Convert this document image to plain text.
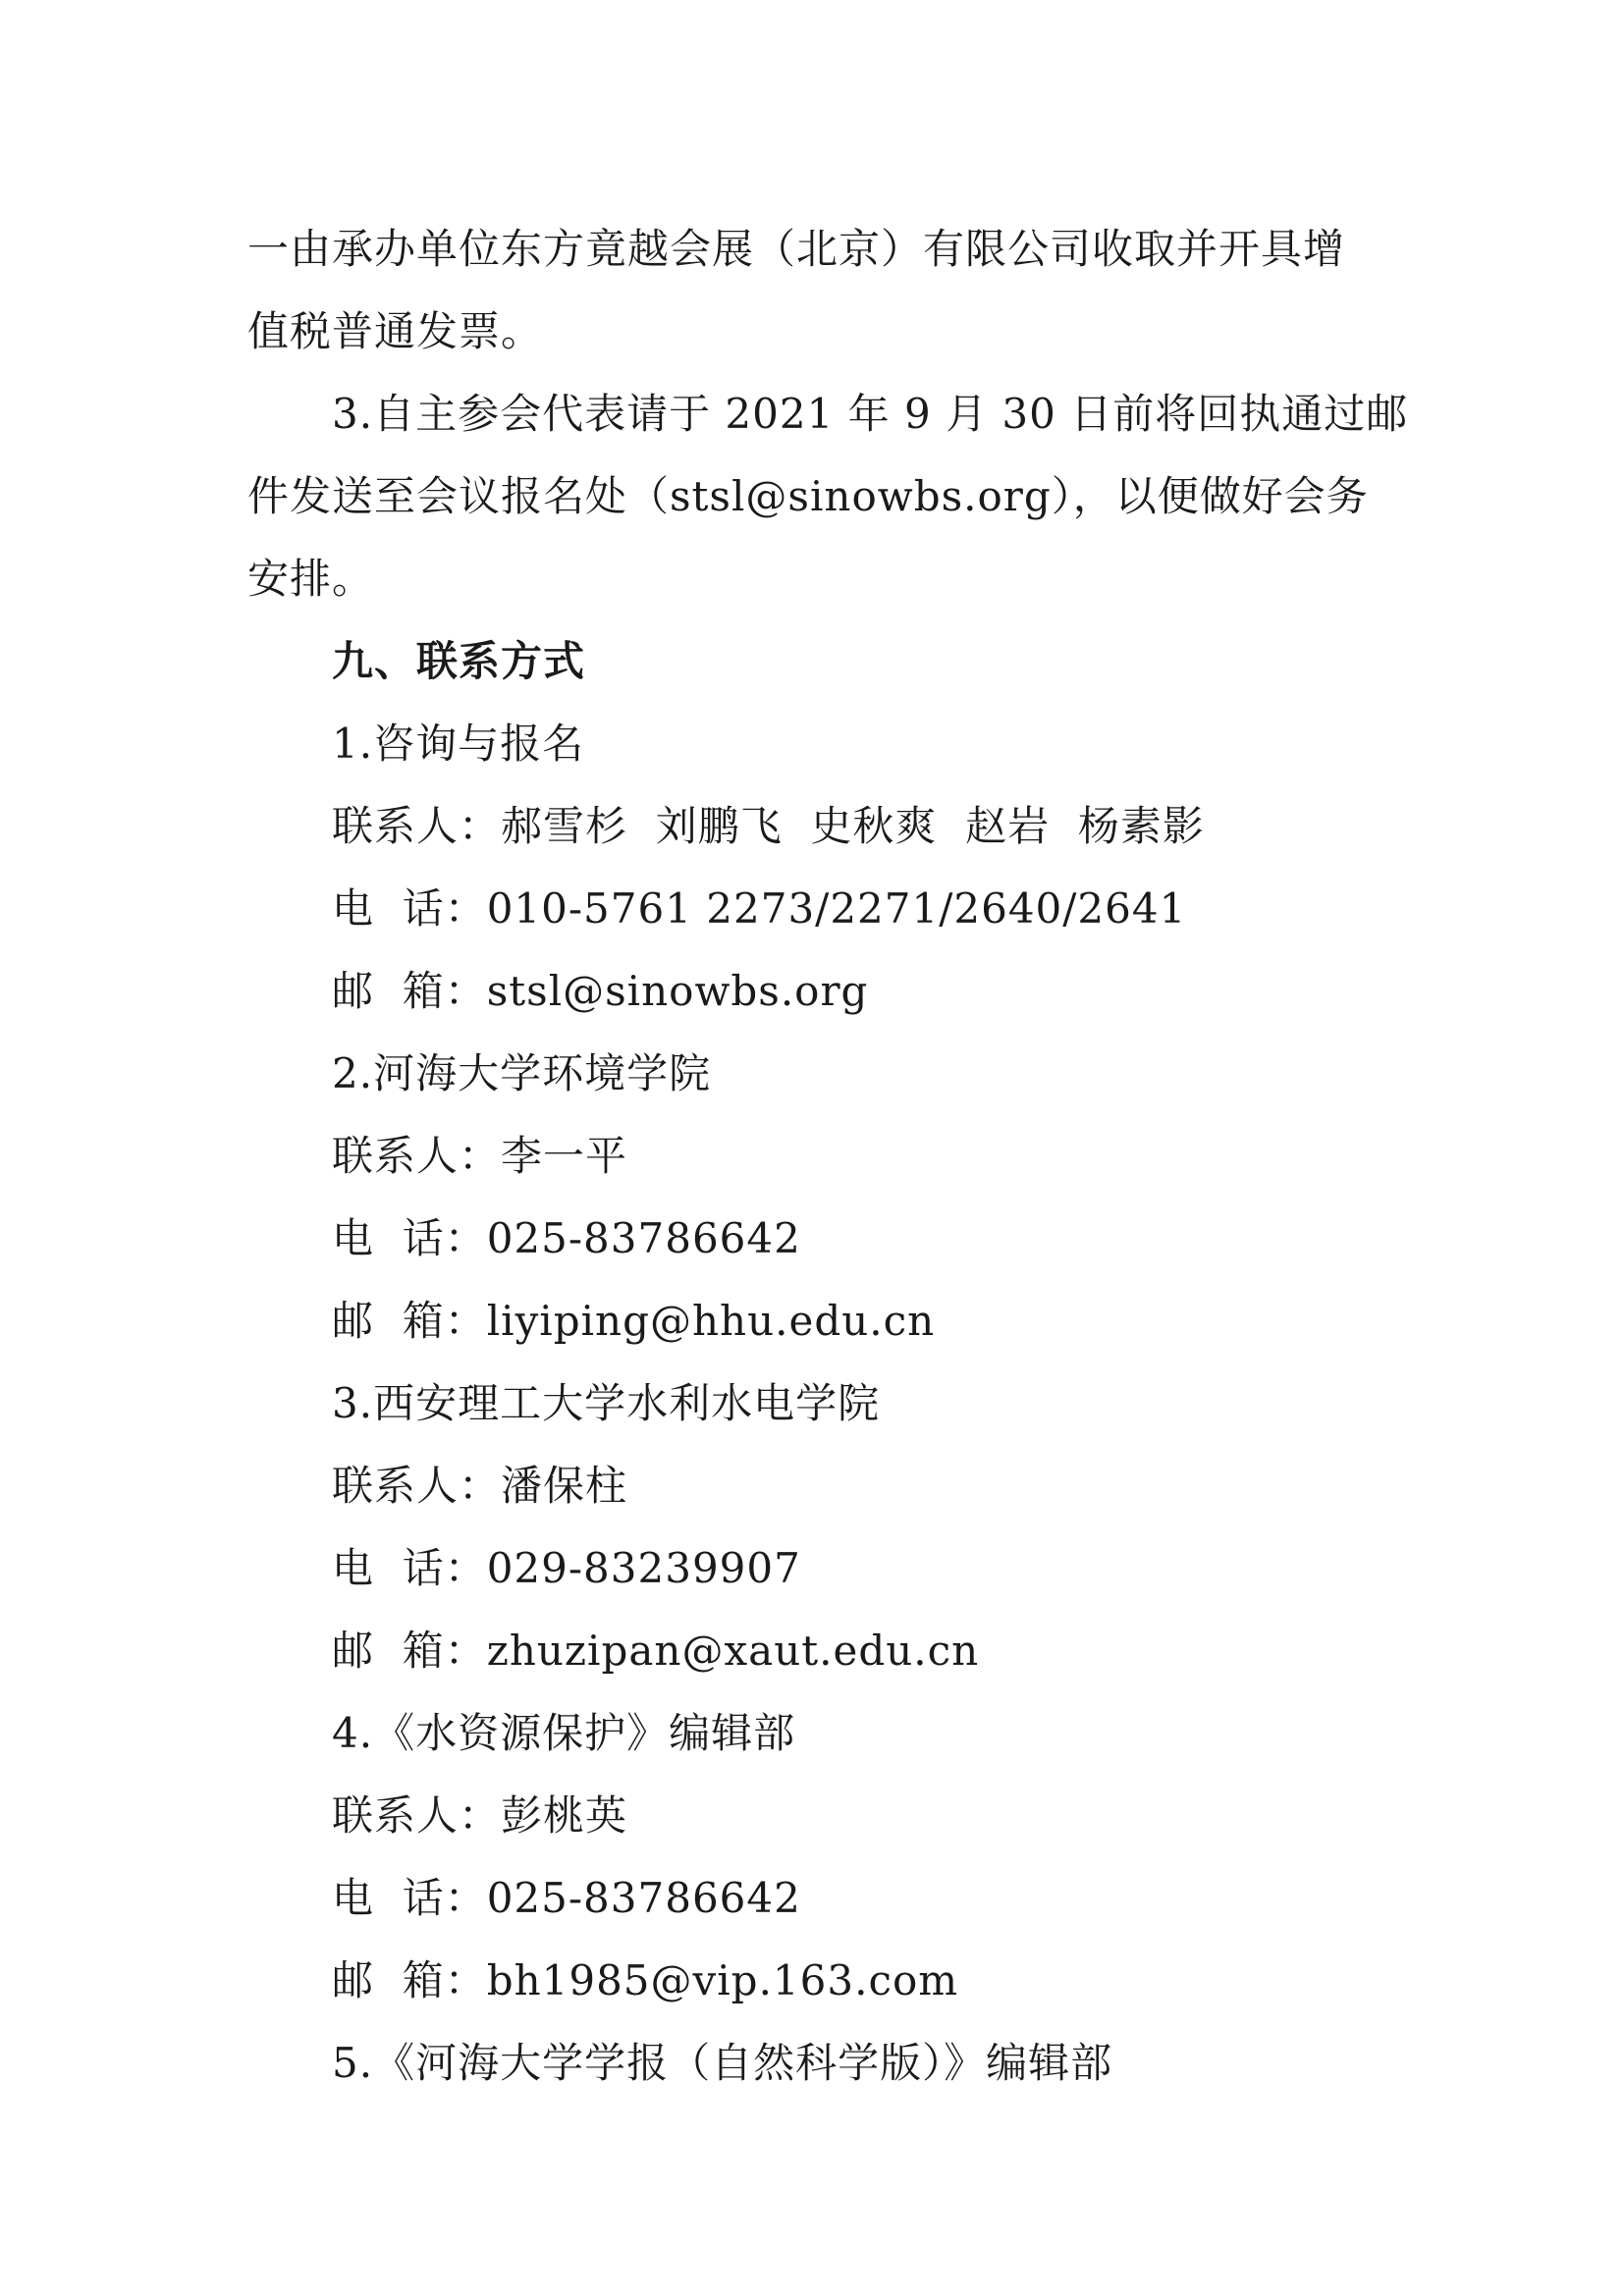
一由承办单位东方竟越会展（北京）有限公司收取并开具增
值税普通发票。
3.自主参会代表请于 2021 年 9 月 30 日前将回执通过邮
件发送至会议报名处（stsl@sinowbs.org），以便做好会务
安排。
九、联系方式
1.咨询与报名
联系人：郝雪杉  刘鹏飞  史秋爽  赵岩  杨素影
电  话：010-5761 2273/2271/2640/2641
邮  箱：stsl@sinowbs.org
2.河海大学环境学院
联系人：李一平
电  话：025-83786642
邮  箱：liyiping@hhu.edu.cn
3.西安理工大学水利水电学院
联系人：潘保柱
电  话：029-83239907
邮  箱：zhuzipan@xaut.edu.cn
4.《水资源保护》编辑部
联系人：彭桃英
电  话：025-83786642
邮  箱：bh1985@vip.163.com
5.《河海大学学报（自然科学版）》编辑部
